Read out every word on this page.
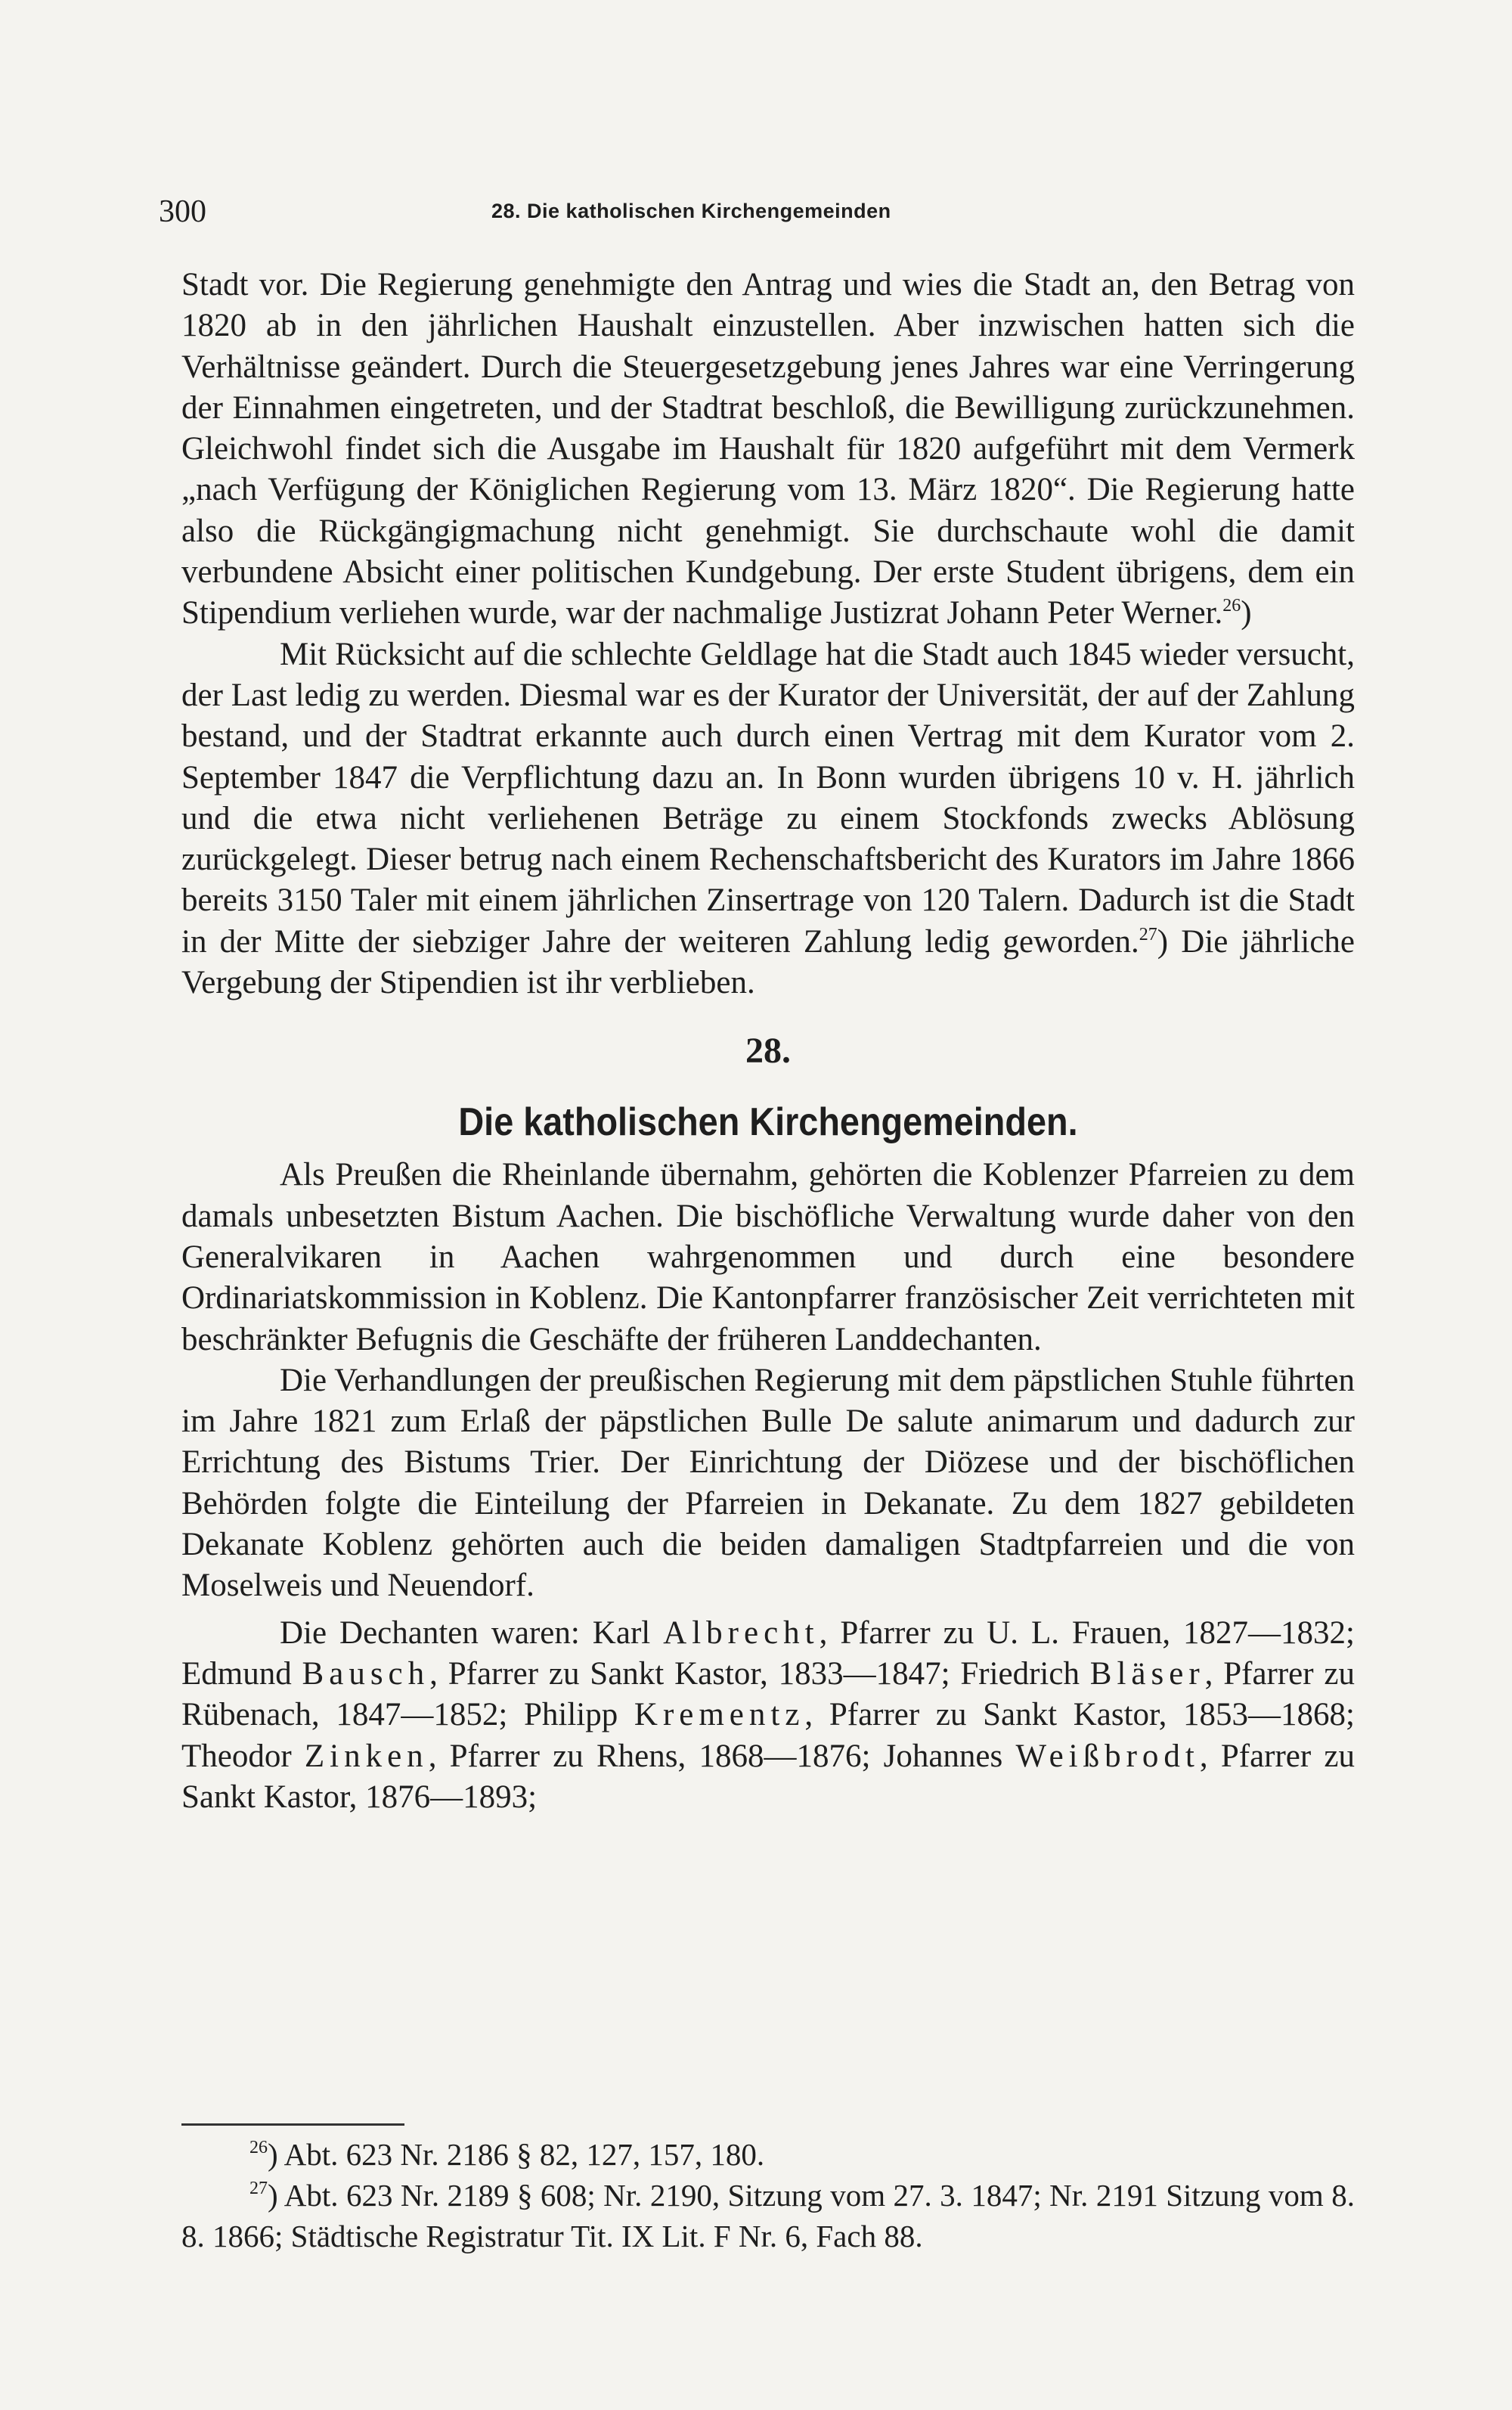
300	28. Die katholischen Kirchengemeinden

Stadt vor. Die Regierung genehmigte den Antrag und wies die Stadt an, den Betrag von 1820 ab in den jährlichen Haushalt einzustellen. Aber inzwischen hatten sich die Verhältnisse geändert. Durch die Steuergesetzgebung jenes Jahres war eine Verringerung der Einnahmen eingetreten, und der Stadtrat beschloß, die Bewilligung zurückzunehmen. Gleichwohl findet sich die Ausgabe im Haushalt für 1820 aufgeführt mit dem Vermerk „nach Verfügung der Königlichen Regierung vom 13. März 1820“. Die Regierung hatte also die Rückgängigmachung nicht genehmigt. Sie durchschaute wohl die damit verbundene Absicht einer politischen Kundgebung. Der erste Student übrigens, dem ein Stipendium verliehen wurde, war der nachmalige Justizrat Johann Peter Werner.$^{26}$)

Mit Rücksicht auf die schlechte Geldlage hat die Stadt auch 1845 wieder versucht, der Last ledig zu werden. Diesmal war es der Kurator der Universität, der auf der Zahlung bestand, und der Stadtrat erkannte auch durch einen Vertrag mit dem Kurator vom 2. September 1847 die Verpflichtung dazu an. In Bonn wurden übrigens 10 v. H. jährlich und die etwa nicht verliehenen Beträge zu einem Stockfonds zwecks Ablösung zurückgelegt. Dieser betrug nach einem Rechenschaftsbericht des Kurators im Jahre 1866 bereits 3150 Taler mit einem jährlichen Zinsertrage von 120 Talern. Dadurch ist die Stadt in der Mitte der siebziger Jahre der weiteren Zahlung ledig geworden.$^{27}$) Die jährliche Vergebung der Stipendien ist ihr verblieben.

28.
Die katholischen Kirchengemeinden.

Als Preußen die Rheinlande übernahm, gehörten die Koblenzer Pfarreien zu dem damals unbesetzten Bistum Aachen. Die bischöfliche Verwaltung wurde daher von den Generalvikaren in Aachen wahrgenommen und durch eine besondere Ordinariatskommission in Koblenz. Die Kantonpfarrer französischer Zeit verrichteten mit beschränkter Befugnis die Geschäfte der früheren Landdechanten.

Die Verhandlungen der preußischen Regierung mit dem päpstlichen Stuhle führten im Jahre 1821 zum Erlaß der päpstlichen Bulle De salute animarum und dadurch zur Errichtung des Bistums Trier. Der Einrichtung der Diözese und der bischöflichen Behörden folgte die Einteilung der Pfarreien in Dekanate. Zu dem 1827 gebildeten Dekanate Koblenz gehörten auch die beiden damaligen Stadtpfarreien und die von Moselweis und Neuendorf.

Die Dechanten waren: Karl Albrecht, Pfarrer zu U. L. Frauen, 1827—1832; Edmund Bausch, Pfarrer zu Sankt Kastor, 1833—1847; Friedrich Bläser, Pfarrer zu Rübenach, 1847—1852; Philipp Krementz, Pfarrer zu Sankt Kastor, 1853—1868; Theodor Zinken, Pfarrer zu Rhens, 1868—1876; Johannes Weißbrodt, Pfarrer zu Sankt Kastor, 1876—1893;

$^{26}$) Abt. 623 Nr. 2186 § 82, 127, 157, 180.

$^{27}$) Abt. 623 Nr. 2189 § 608; Nr. 2190, Sitzung vom 27. 3. 1847; Nr. 2191 Sitzung vom 8. 8. 1866; Städtische Registratur Tit. IX Lit. F Nr. 6, Fach 88.
